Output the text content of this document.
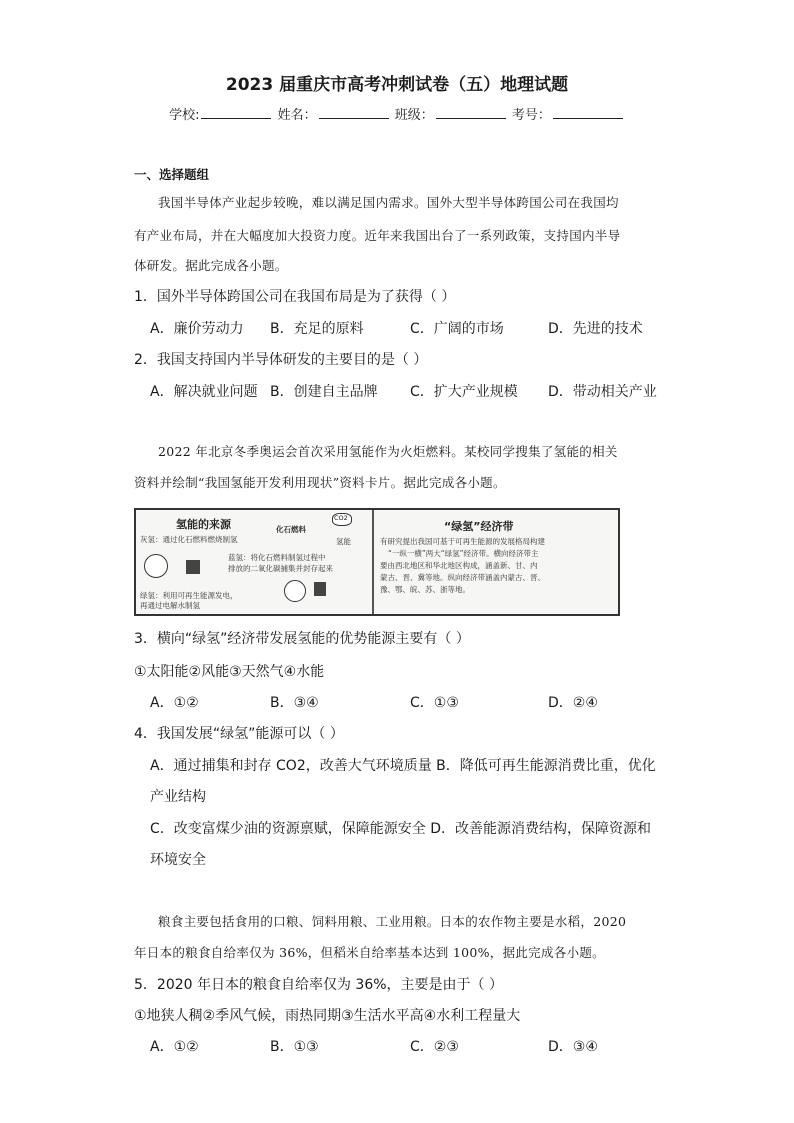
2023 届重庆市高考冲刺试卷（五）地理试题
学校:	姓名：	班级：	考号：
一、选择题组
我国半导体产业起步较晚，难以满足国内需求。国外大型半导体跨国公司在我国均
有产业布局，并在大幅度加大投资力度。近年来我国出台了一系列政策，支持国内半导
体研发。据此完成各小题。
1．国外半导体跨国公司在我国布局是为了获得（ ）
A．廉价劳动力 B．充足的原料	C．广阔的市场	D．先进的技术
2．我国支持国内半导体研发的主要目的是（ ）
A．解决就业问题 B．创建自主品牌 C．扩大产业规模 D．带动相关产业
2022 年北京冬季奥运会首次采用氢能作为火炬燃料。某校同学搜集了氢能的相关
资料并绘制“我国氢能开发利用现状”资料卡片。据此完成各小题。
氢能的来源
灰氢：通过化石燃料燃烧制氢
蓝氢：将化石燃料制氢过程中
排放的二氧化碳捕集并封存起来
绿氢：利用可再生能源发电，
再通过电解水制氢
化石燃料
氢能
CO2
“绿氢”经济带
有研究提出我国可基于可再生能源的发展格局构建
“一纵一横”两大“绿氢”经济带。横向经济带主
要由西北地区和华北地区构成，涵盖新、甘、内
蒙古、晋、冀等地。纵向经济带涵盖内蒙古、晋、
豫、鄂、皖、苏、浙等地。
3．横向“绿氢”经济带发展氢能的优势能源主要有（ ）
①太阳能②风能③天然气④水能
A．①②	B．③④	C．①③	D．②④
4．我国发展“绿氢”能源可以（ ）
A．通过捕集和封存 CO2，改善大气环境质量 B．降低可再生能源消费比重，优化
产业结构
C．改变富煤少油的资源禀赋，保障能源安全 D．改善能源消费结构，保障资源和
环境安全
粮食主要包括食用的口粮、饲料用粮、工业用粮。日本的农作物主要是水稻，2020
年日本的粮食自给率仅为 36%，但稻米自给率基本达到 100%，据此完成各小题。
5．2020 年日本的粮食自给率仅为 36%，主要是由于（ ）
①地狭人稠②季风气候，雨热同期③生活水平高④水利工程量大
A．①②	B．①③	C．②③	D．③④
